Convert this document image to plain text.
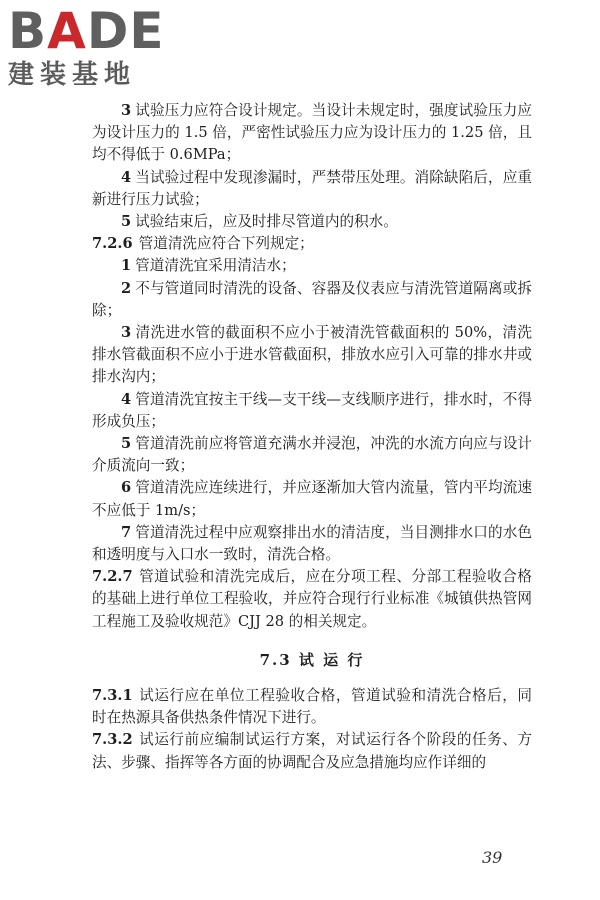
BADE
建装基地

3 试验压力应符合设计规定。当设计未规定时，强度试验压力应为设计压力的 1.5 倍，严密性试验压力应为设计压力的 1.25 倍，且均不得低于 0.6MPa；

4 当试验过程中发现渗漏时，严禁带压处理。消除缺陷后，应重新进行压力试验；

5 试验结束后，应及时排尽管道内的积水。

7.2.6 管道清洗应符合下列规定；

1 管道清洗宜采用清洁水；

2 不与管道同时清洗的设备、容器及仪表应与清洗管道隔离或拆除；

3 清洗进水管的截面积不应小于被清洗管截面积的 50%，清洗排水管截面积不应小于进水管截面积，排放水应引入可靠的排水井或排水沟内；

4 管道清洗宜按主干线—支干线—支线顺序进行，排水时，不得形成负压；

5 管道清洗前应将管道充满水并浸泡，冲洗的水流方向应与设计介质流向一致；

6 管道清洗应连续进行，并应逐渐加大管内流量，管内平均流速不应低于 1m/s；

7 管道清洗过程中应观察排出水的清洁度，当目测排水口的水色和透明度与入口水一致时，清洗合格。

7.2.7 管道试验和清洗完成后，应在分项工程、分部工程验收合格的基础上进行单位工程验收，并应符合现行行业标准《城镇供热管网工程施工及验收规范》CJJ 28 的相关规定。

7.3 试 运 行

7.3.1 试运行应在单位工程验收合格，管道试验和清洗合格后，同时在热源具备供热条件情况下进行。

7.3.2 试运行前应编制试运行方案，对试运行各个阶段的任务、方法、步骤、指挥等各方面的协调配合及应急措施均应作详细的

39
